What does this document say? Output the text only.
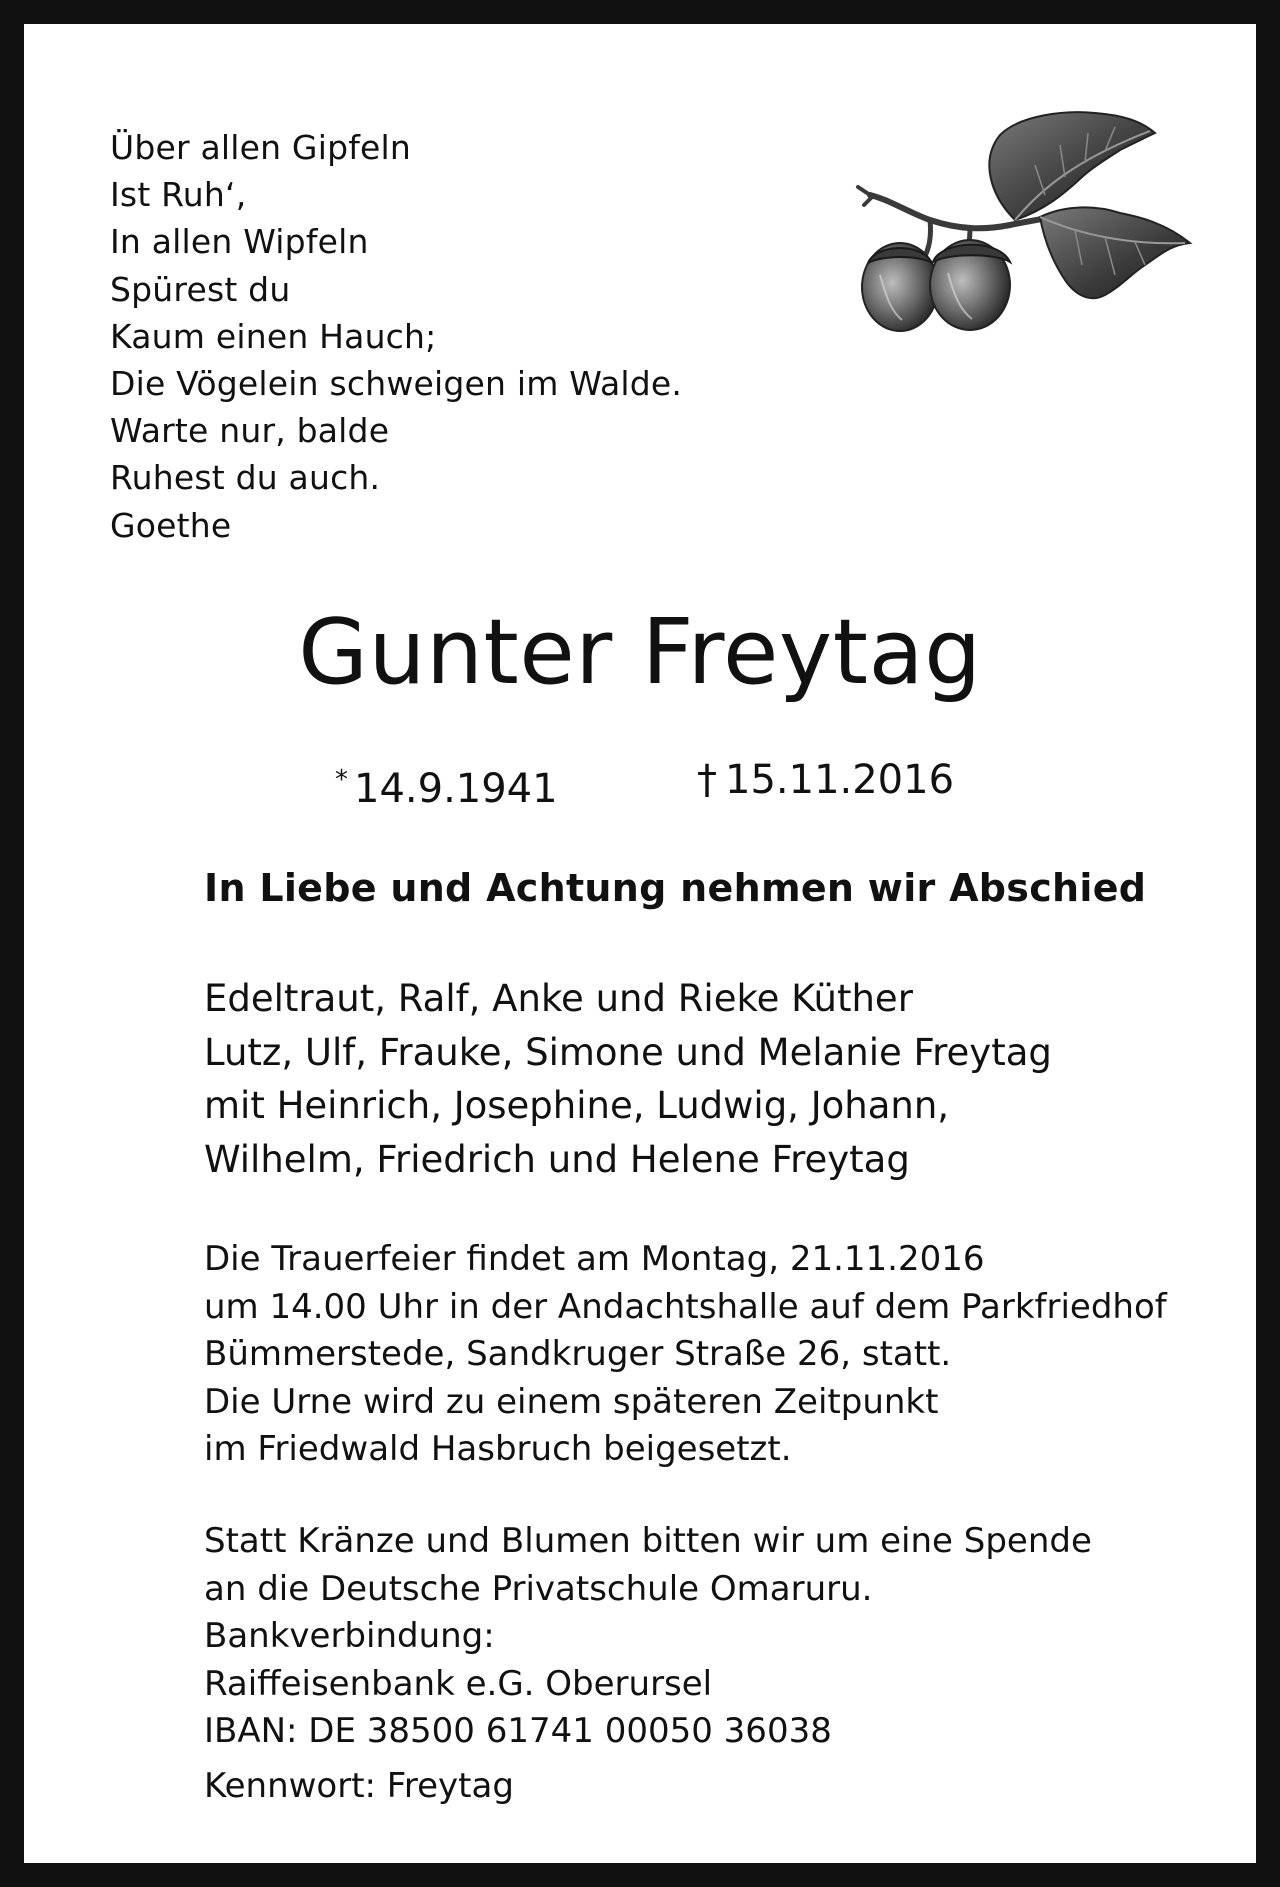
Über allen Gipfeln
Ist Ruh‘,
In allen Wipfeln
Spürest du
Kaum einen Hauch;
Die Vögelein schweigen im Walde.
Warte nur, balde
Ruhest du auch.
Goethe
Gunter Freytag
* 14.9.1941	† 15.11.2016
In Liebe und Achtung nehmen wir Abschied
Edeltraut, Ralf, Anke und Rieke Küther
Lutz, Ulf, Frauke, Simone und Melanie Freytag
mit Heinrich, Josephine, Ludwig, Johann,
Wilhelm, Friedrich und Helene Freytag
Die Trauerfeier findet am Montag, 21.11.2016
um 14.00 Uhr in der Andachtshalle auf dem Parkfriedhof
Bümmerstede, Sandkruger Straße 26, statt.
Die Urne wird zu einem späteren Zeitpunkt
im Friedwald Hasbruch beigesetzt.
Statt Kränze und Blumen bitten wir um eine Spende
an die Deutsche Privatschule Omaruru.
Bankverbindung:
Raiffeisenbank e.G. Oberursel
IBAN: DE 38500 61741 00050 36038
Kennwort: Freytag
